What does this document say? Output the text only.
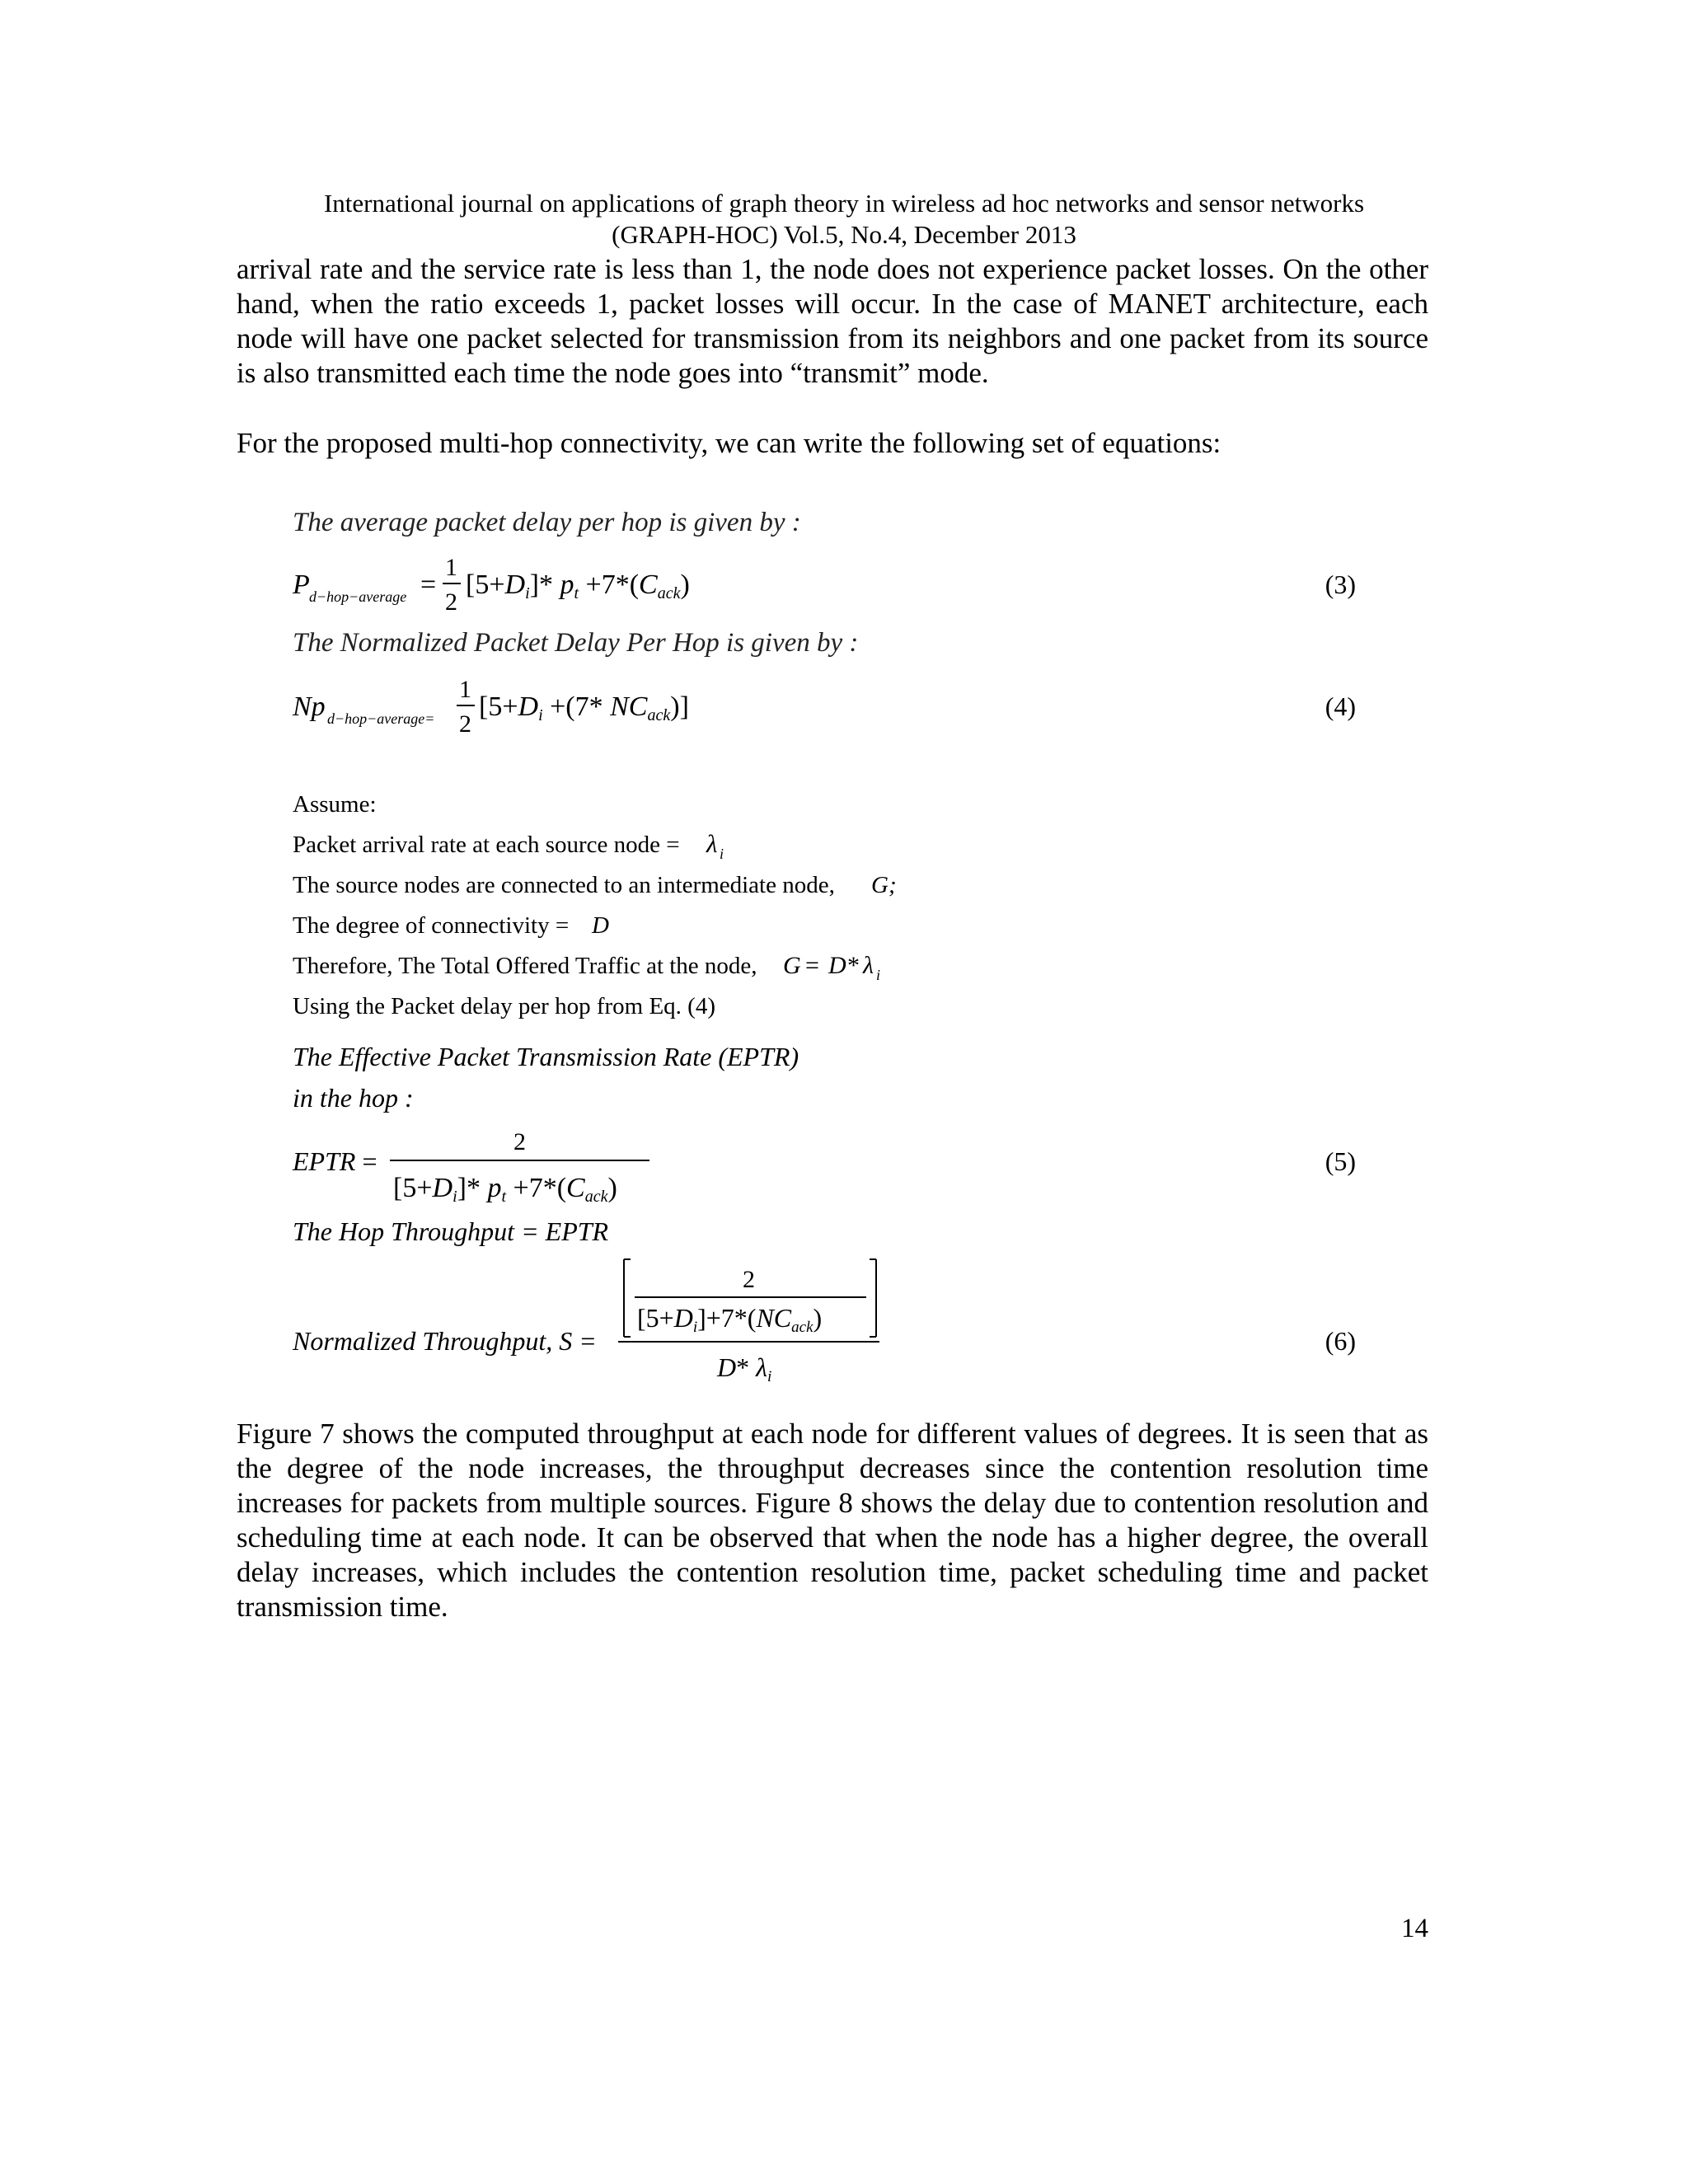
International journal on applications of graph theory in wireless ad hoc networks and sensor networks
(GRAPH-HOC) Vol.5, No.4, December 2013

arrival rate and the service rate is less than 1, the node does not experience packet losses. On the other hand, when the ratio exceeds 1, packet losses will occur. In the case of MANET architecture, each node will have one packet selected for transmission from its neighbors and one packet from its source is also transmitted each time the node goes into “transmit” mode.

For the proposed multi-hop connectivity, we can write the following set of equations:

The average packet delay per hop is given by :
P d−hop−average =
1
2
[5+Di]* pt +7*(Cack)	(3)
The Normalized Packet Delay Per Hop is given by :
Np d−hop−average=
1
2
[5+Di +(7* NCack)]	(4)
Assume:
Packet arrival rate at each source node = λ i
The source nodes are connected to an intermediate node, G;
The degree of connectivity = D
Therefore, The Total Offered Traffic at the node, G = D * λ i
Using the Packet delay per hop from Eq. (4)
The Effective Packet Transmission Rate (EPTR)
in the hop :
EPTR =
2
[5+Di]* pt +7*(Cack)
(5)
The Hop Throughput = EPTR
Normalized Throughput, S =
2
[5+Di]+7*(NCack)
D* λi
(6)

Figure 7 shows the computed throughput at each node for different values of degrees. It is seen that as the degree of the node increases, the throughput decreases since the contention resolution time increases for packets from multiple sources. Figure 8 shows the delay due to contention resolution and scheduling time at each node. It can be observed that when the node has a higher degree, the overall delay increases, which includes the contention resolution time, packet scheduling time and packet transmission time.

14
